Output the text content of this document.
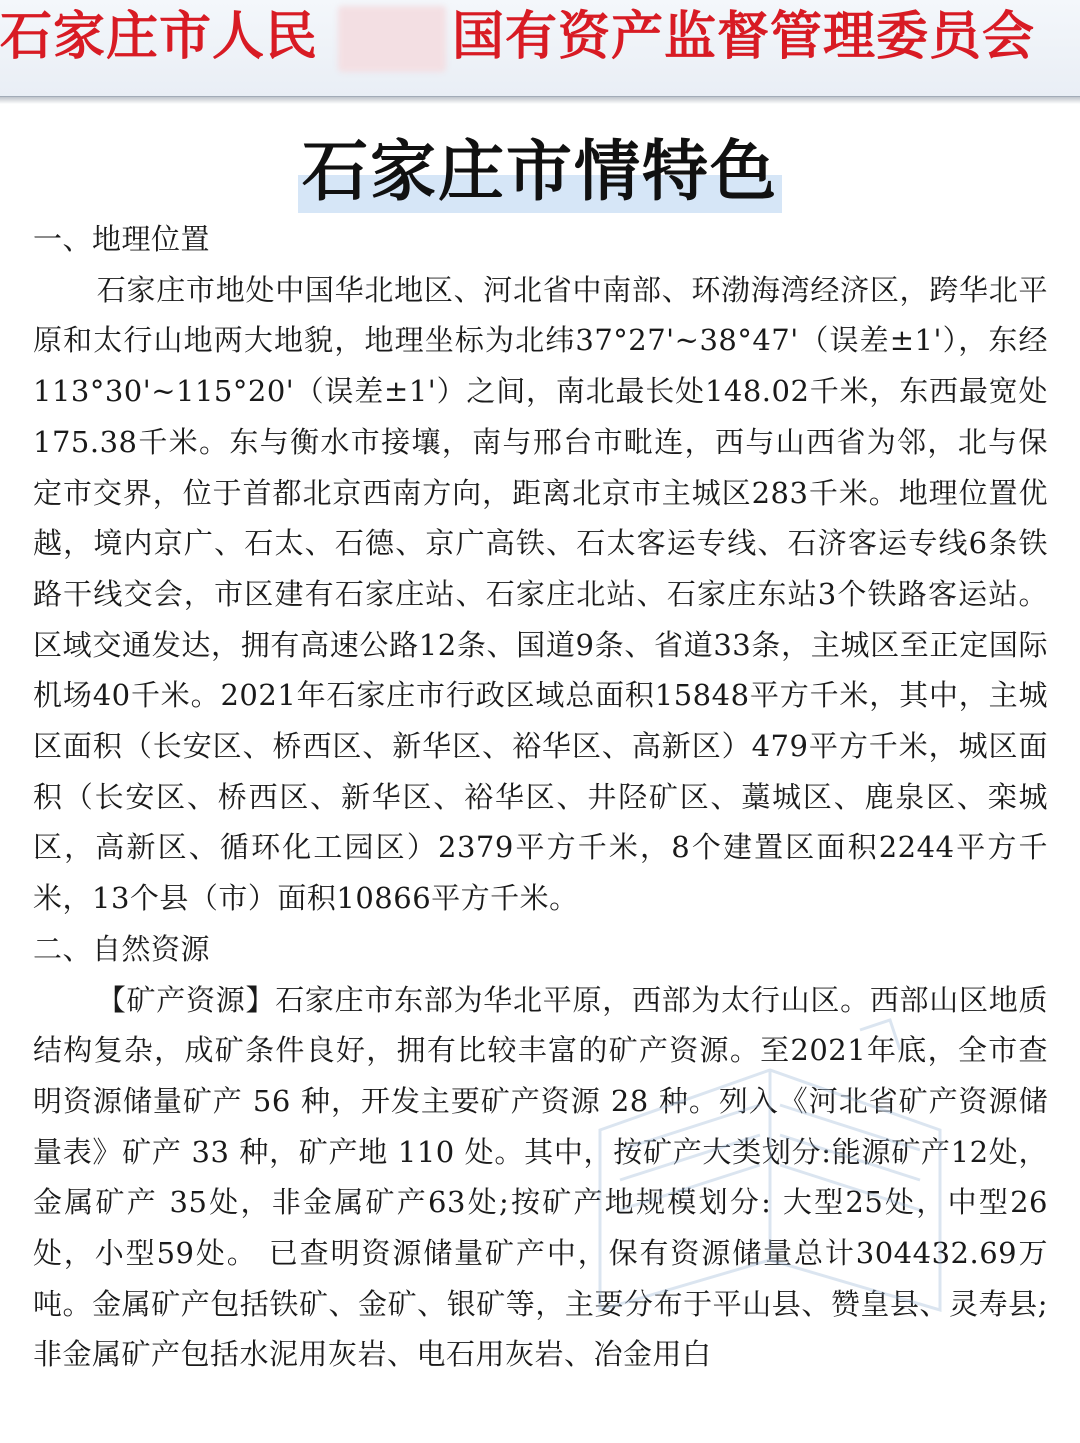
石家庄市人民	国有资产监督管理委员会
石家庄市情特色

一、地理位置

石家庄市地处中国华北地区、河北省中南部、环渤海湾经济区，跨华北平原和太行山地两大地貌，地理坐标为北纬37°27'~38°47'（误差±1'），东经113°30'~115°20'（误差±1'）之间，南北最长处148.02千米，东西最宽处175.38千米。东与衡水市接壤，南与邢台市毗连，西与山西省为邻，北与保定市交界，位于首都北京西南方向，距离北京市主城区283千米。地理位置优越，境内京广、石太、石德、京广高铁、石太客运专线、石济客运专线6条铁路干线交会，市区建有石家庄站、石家庄北站、石家庄东站3个铁路客运站。区域交通发达，拥有高速公路12条、国道9条、省道33条，主城区至正定国际机场40千米。2021年石家庄市行政区域总面积15848平方千米，其中，主城区面积（长安区、桥西区、新华区、裕华区、高新区）479平方千米，城区面积（长安区、桥西区、新华区、裕华区、井陉矿区、藁城区、鹿泉区、栾城区，高新区、循环化工园区）2379平方千米，8个建置区面积2244平方千米，13个县（市）面积10866平方千米。

二、自然资源

【矿产资源】石家庄市东部为华北平原，西部为太行山区。西部山区地质结构复杂，成矿条件良好，拥有比较丰富的矿产资源。至2021年底，全市查明资源储量矿产 56 种，开发主要矿产资源 28 种。列入《河北省矿产资源储量表》矿产 33 种，矿产地 110 处。其中，按矿产大类划分:能源矿产12处，金属矿产 35处，非金属矿产63处;按矿产地规模划分: 大型25处，中型26处，小型59处。 已查明资源储量矿产中，保有资源储量总计304432.69万吨。金属矿产包括铁矿、金矿、银矿等，主要分布于平山县、赞皇县、灵寿县;非金属矿产包括水泥用灰岩、电石用灰岩、冶金用白
